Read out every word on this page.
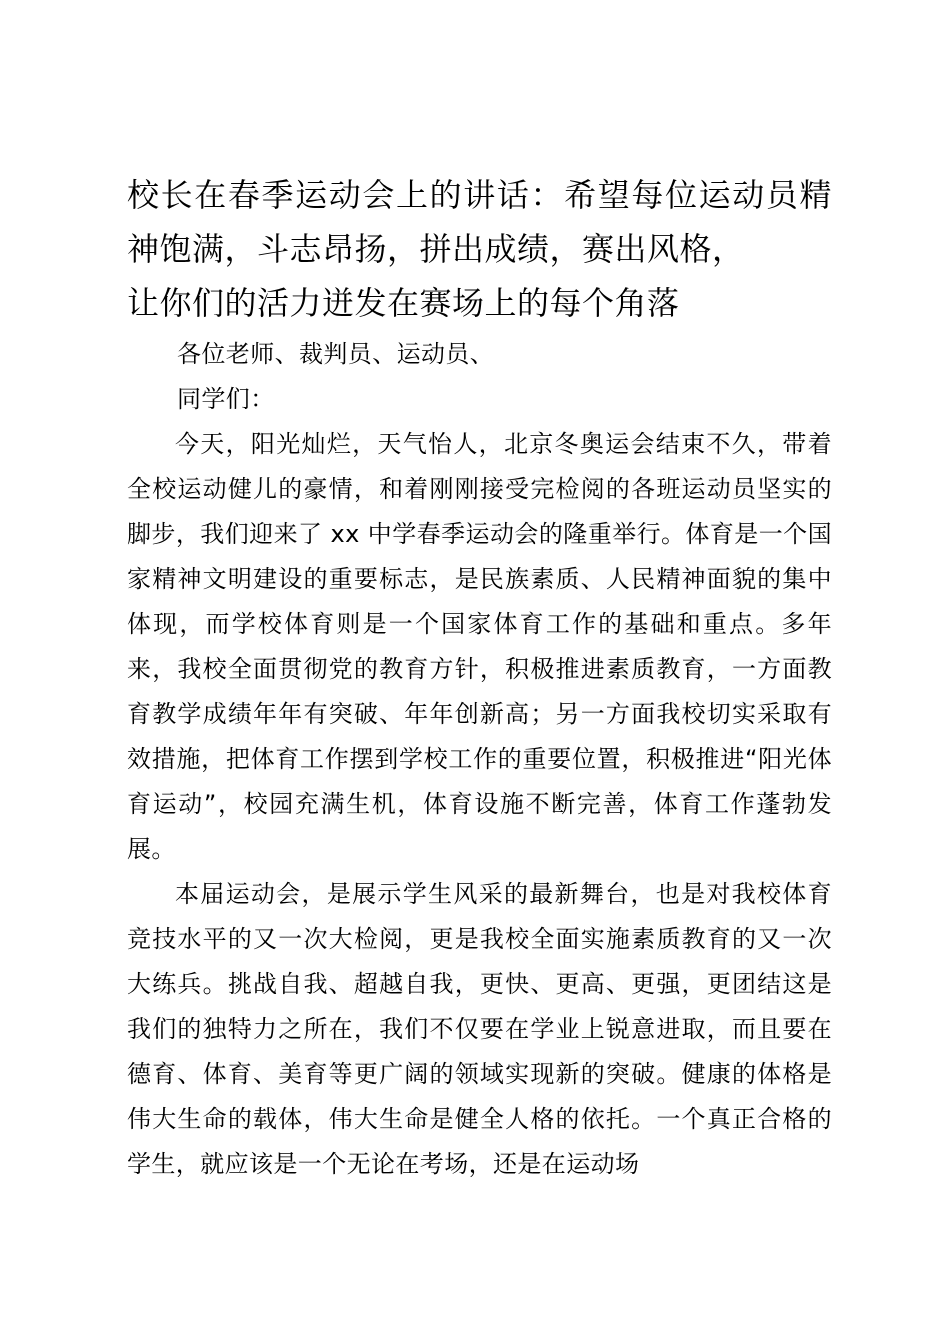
校长在春季运动会上的讲话：希望每位运动员精神饱满，斗志昂扬，拼出成绩，赛出风格，
让你们的活力迸发在赛场上的每个角落

各位老师、裁判员、运动员、

同学们：

今天，阳光灿烂，天气怡人，北京冬奥运会结束不久，带着全校运动健儿的豪情，和着刚刚接受完检阅的各班运动员坚实的脚步，我们迎来了 xx 中学春季运动会的隆重举行。体育是一个国家精神文明建设的重要标志，是民族素质、人民精神面貌的集中体现，而学校体育则是一个国家体育工作的基础和重点。多年来，我校全面贯彻党的教育方针，积极推进素质教育，一方面教育教学成绩年年有突破、年年创新高；另一方面我校切实采取有效措施，把体育工作摆到学校工作的重要位置，积极推进“阳光体育运动”，校园充满生机，体育设施不断完善，体育工作蓬勃发展。

本届运动会，是展示学生风采的最新舞台，也是对我校体育竞技水平的又一次大检阅，更是我校全面实施素质教育的又一次大练兵。挑战自我、超越自我，更快、更高、更强，更团结这是我们的独特力之所在，我们不仅要在学业上锐意进取，而且要在德育、体育、美育等更广阔的领域实现新的突破。健康的体格是伟大生命的载体，伟大生命是健全人格的依托。一个真正合格的学生，就应该是一个无论在考场，还是在运动场
